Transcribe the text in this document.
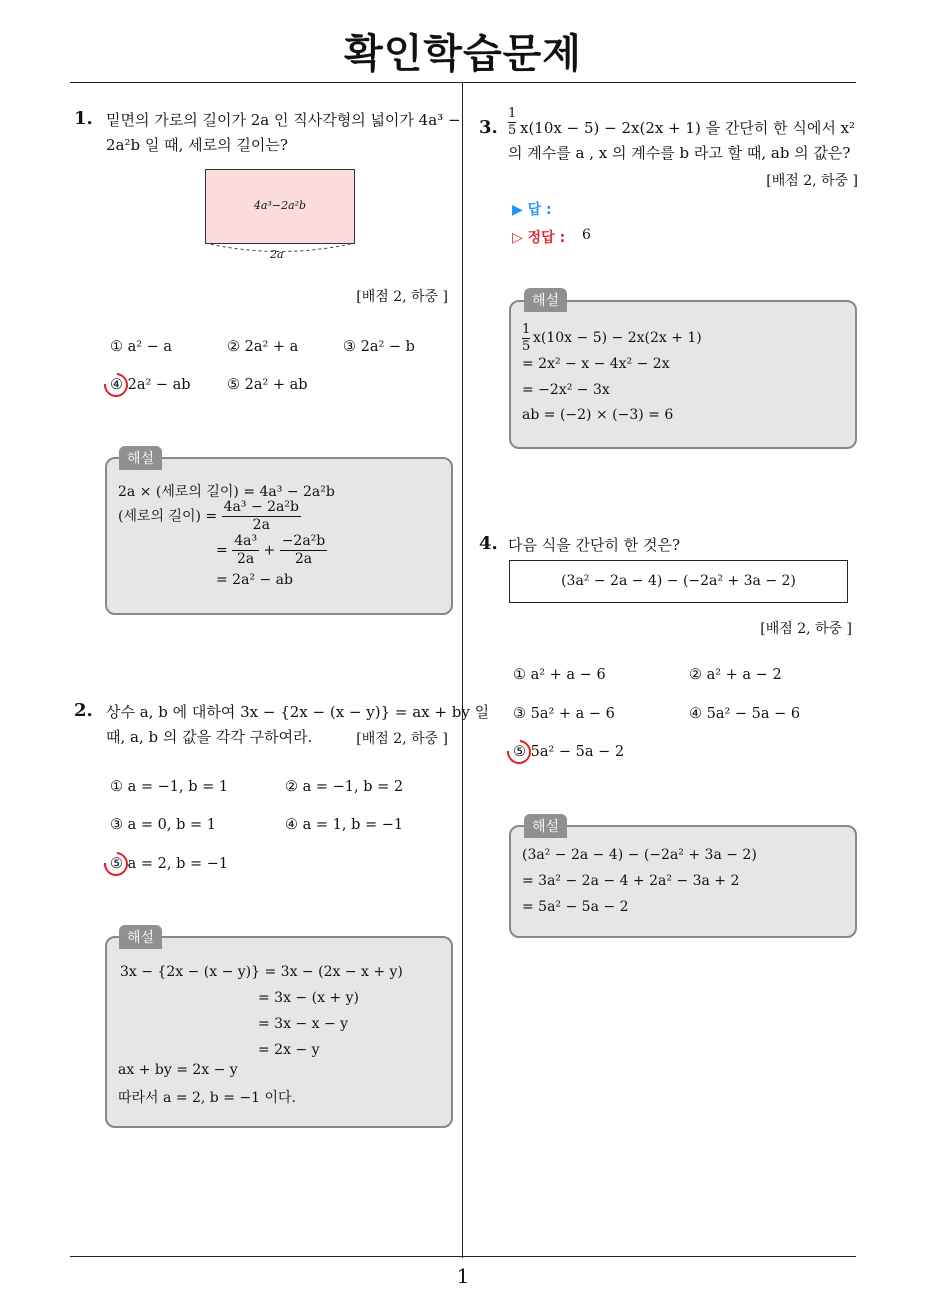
확인학습문제
1
1. 밑면의 가로의 길이가 2a 인 직사각형의 넓이가 4a³ −
2a²b 일 때, 세로의 길이는?
4a³−2a²b
2a
[배점 2, 하중 ]
① a² − a	② 2a² + a	③ 2a² − b
④ 2a² − ab	⑤ 2a² + ab
해설
2a × (세로의 길이) = 4a³ − 2a²b
(세로의 길이) = $\frac{\text{4a³ − 2a²b}}{2a}$
= $\frac{\text{4a³}}{2a} + \frac{\text{−2a²b}}{2a}$
= 2a² − ab
2. 상수 a, b 에 대하여 3x − {2x − (x − y)} = ax + by 일
때, a, b 의 값을 각각 구하여라.	[배점 2, 하중 ]
① a = −1, b = 1	② a = −1, b = 2
③ a = 0, b = 1	④ a = 1, b = −1
⑤ a = 2, b = −1
해설
3x − {2x − (x − y)} = 3x − (2x − x + y)
= 3x − (x + y)
= 3x − x − y
= 2x − y
ax + by = 2x − y
따라서 a = 2, b = −1 이다.
3. $\frac{1}{5} x(10x - 5) - 2x(2x + 1)$ 을 간단히 한 식에서 x²
의 계수를 a , x 의 계수를 b 라고 할 때, ab 의 값은?
[배점 2, 하중 ]
▶ 답 :
▷ 정답 : 6
해설
$\frac{1}{5} x(10x - 5) - 2x(2x + 1)$
= 2x² − x − 4x² − 2x
= −2x² − 3x
ab = (−2) × (−3) = 6
4. 다음 식을 간단히 한 것은?
(3a² − 2a − 4) − (−2a² + 3a − 2)
[배점 2, 하중 ]
① a² + a − 6	② a² + a − 2
③ 5a² + a − 6	④ 5a² − 5a − 6
⑤ 5a² − 5a − 2
해설
(3a² − 2a − 4) − (−2a² + 3a − 2)
= 3a² − 2a − 4 + 2a² − 3a + 2
= 5a² − 5a − 2
